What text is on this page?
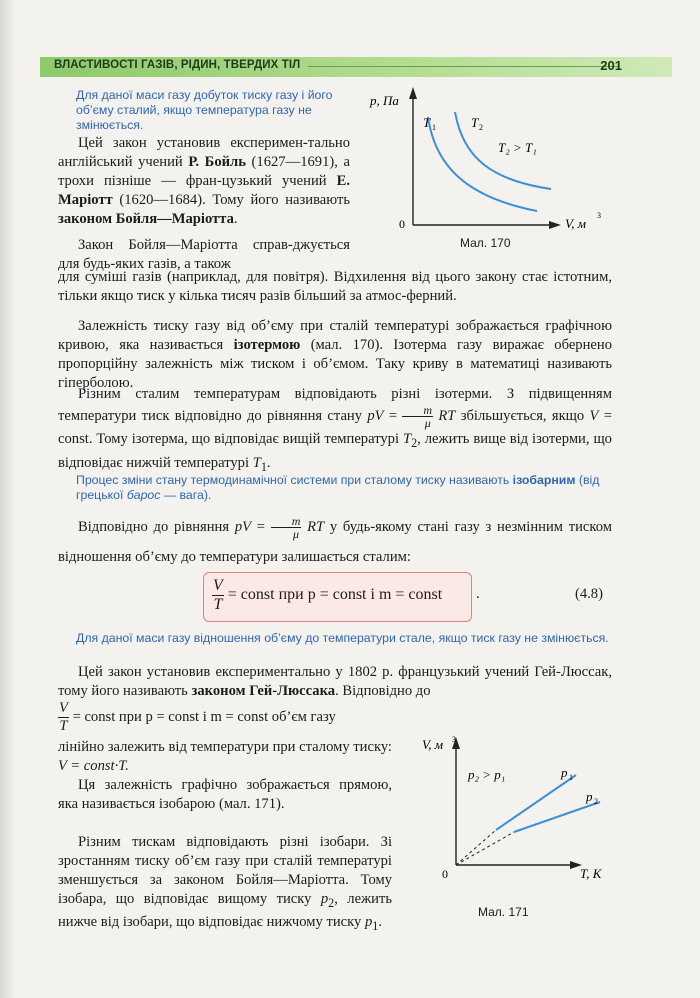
ВЛАСТИВОСТІ ГАЗІВ, РІДИН, ТВЕРДИХ ТІЛ	201
Для даної маси газу добуток тиску газу і його об’єму сталий, якщо температура газу не змінюється.
Цей закон установив експеримен-тально англійський учений Р. Бойль (1627—1691), а трохи пізніше — фран-цузький учений Е. Маріотт (1620—1684). Тому його називають законом Бойля—Маріотта.
p, Па
V, м
3
0
T 1	T 2
T₂ > T₁
Мал. 170
Закон Бойля—Маріотта справ-джується для будь-яких газів, а також
для суміші газів (наприклад, для повітря). Відхилення від цього закону стає істотним, тільки якщо тиск у кілька тисяч разів більший за атмос-ферний.
Залежність тиску газу від об’єму при сталій температурі зображається графічною кривою, яка називається ізотермою (мал. 170). Ізотерма газу виражає обернено пропорційну залежність між тиском і об’ємом. Таку криву в математиці називають гіперболою.
Різним сталим температурам відповідають різні ізотерми. З підвищенням температури тиск відповідно до рівняння стану pV = $\frac{m}{\mu}$ RT збільшується, якщо V = const. Тому ізотерма, що відповідає вищій температурі $T_2$, лежить вище від ізотерми, що відповідає нижчій температурі $T_1$.
Процес зміни стану термодинамічної системи при сталому тиску називають ізобарним (від грецької барос — вага).
Відповідно до рівняння pV = $\frac{m}{\mu}$ RT у будь-якому стані газу з незмінним тиском відношення об’єму до температури залишається сталим:
$\frac{V}{T}$ = const при p = const і m = const .	(4.8)
Для даної маси газу відношення об’єму до температури стале, якщо тиск газу не змінюється.
Цей закон установив експериментально у 1802 р. французький учений Гей-Люссак, тому його називають законом Гей-Люссака. Відповідно до
$\frac{V}{T}$ = const при p = const і m = const об’єм газу
лінійно залежить від температури при сталому тиску: V = const·T.
Ця залежність графічно зображається прямою, яка називається ізобарою (мал. 171).
Різним тискам відповідають різні ізобари. Зі зростанням тиску об’єм газу при сталій температурі зменшується за законом Бойля—Маріотта. Тому ізобара, що відповідає вищому тиску $p_2$, лежить нижче від ізобари, що відповідає нижчому тиску $p_1$.
V, м 3
T, K
0
p₂ > p₁	p 1
p 2
Мал. 171
